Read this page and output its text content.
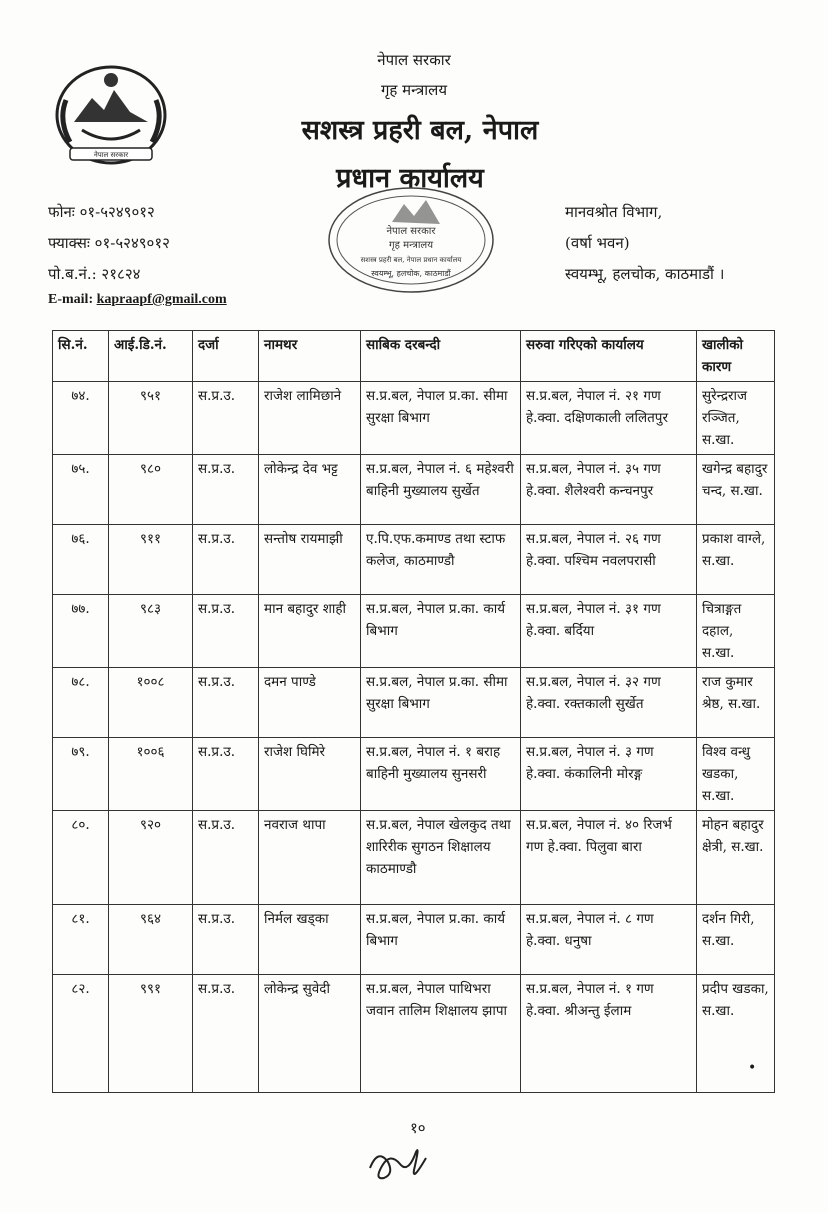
नेपाल सरकार
नेपाल सरकार
गृह मन्त्रालय
सशस्त्र प्रहरी बल, नेपाल
प्रधान कार्यालय
नेपाल सरकार
गृह मन्त्रालय
सशस्त्र प्रहरी बल, नेपाल प्रधान कार्यालय
स्वयम्भू, हलचोक, काठमाडौं
फोनः ०१-५२४९०१२
फ्याक्सः ०१-५२४९०१२
पो.ब.नं.: २१८२४
E-mail: kapraapf@gmail.com
मानवश्रोत विभाग,
(वर्षा भवन)
स्वयम्भू, हलचोक, काठमाडौं ।
सि.नं.	आई.डि.नं.	दर्जा	नामथर	साबिक दरबन्दी	सरुवा गरिएको कार्यालय	खालीको कारण
७४.	९५१	स.प्र.उ.	राजेश लामिछाने	स.प्र.बल, नेपाल प्र.का. सीमा सुरक्षा बिभाग	स.प्र.बल, नेपाल नं. २१ गण हे.क्वा. दक्षिणकाली ललितपुर	सुरेन्द्रराज रञ्जित, स.खा.
७५.	९८०	स.प्र.उ.	लोकेन्द्र देव भट्ट	स.प्र.बल, नेपाल नं. ६ महेश्वरी बाहिनी मुख्यालय सुर्खेत	स.प्र.बल, नेपाल नं. ३५ गण हे.क्वा. शैलेश्वरी कन्चनपुर	खगेन्द्र बहादुर चन्द, स.खा.
७६.	९११	स.प्र.उ.	सन्तोष रायमाझी	ए.पि.एफ.कमाण्ड तथा स्टाफ कलेज, काठमाण्डौ	स.प्र.बल, नेपाल नं. २६ गण हे.क्वा. पश्चिम नवलपरासी	प्रकाश वाग्ले, स.खा.
७७.	९८३	स.प्र.उ.	मान बहादुर शाही	स.प्र.बल, नेपाल प्र.का. कार्य बिभाग	स.प्र.बल, नेपाल नं. ३१ गण हे.क्वा. बर्दिया	चित्राङ्गत दहाल, स.खा.
७८.	१००८	स.प्र.उ.	दमन पाण्डे	स.प्र.बल, नेपाल प्र.का. सीमा सुरक्षा बिभाग	स.प्र.बल, नेपाल नं. ३२ गण हे.क्वा. रक्तकाली सुर्खेत	राज कुमार श्रेष्ठ, स.खा.
७९.	१००६	स.प्र.उ.	राजेश घिमिरे	स.प्र.बल, नेपाल नं. १ बराह बाहिनी मुख्यालय सुनसरी	स.प्र.बल, नेपाल नं. ३ गण हे.क्वा. कंकालिनी मोरङ्ग	विश्व वन्धु खडका, स.खा.
८०.	९२०	स.प्र.उ.	नवराज थापा	स.प्र.बल, नेपाल खेलकुद तथा शारिरीक सुगठन शिक्षालय काठमाण्डौ	स.प्र.बल, नेपाल नं. ४० रिजर्भ गण हे.क्वा. पिलुवा बारा	मोहन बहादुर क्षेत्री, स.खा.
८१.	९६४	स.प्र.उ.	निर्मल खड्का	स.प्र.बल, नेपाल प्र.का. कार्य बिभाग	स.प्र.बल, नेपाल नं. ८ गण हे.क्वा. धनुषा	दर्शन गिरी, स.खा.
८२.	९९१	स.प्र.उ.	लोकेन्द्र सुवेदी	स.प्र.बल, नेपाल पाथिभरा जवान तालिम शिक्षालय झापा	स.प्र.बल, नेपाल नं. १ गण हे.क्वा. श्रीअन्तु ईलाम	प्रदीप खडका, स.खा.
•
१०
